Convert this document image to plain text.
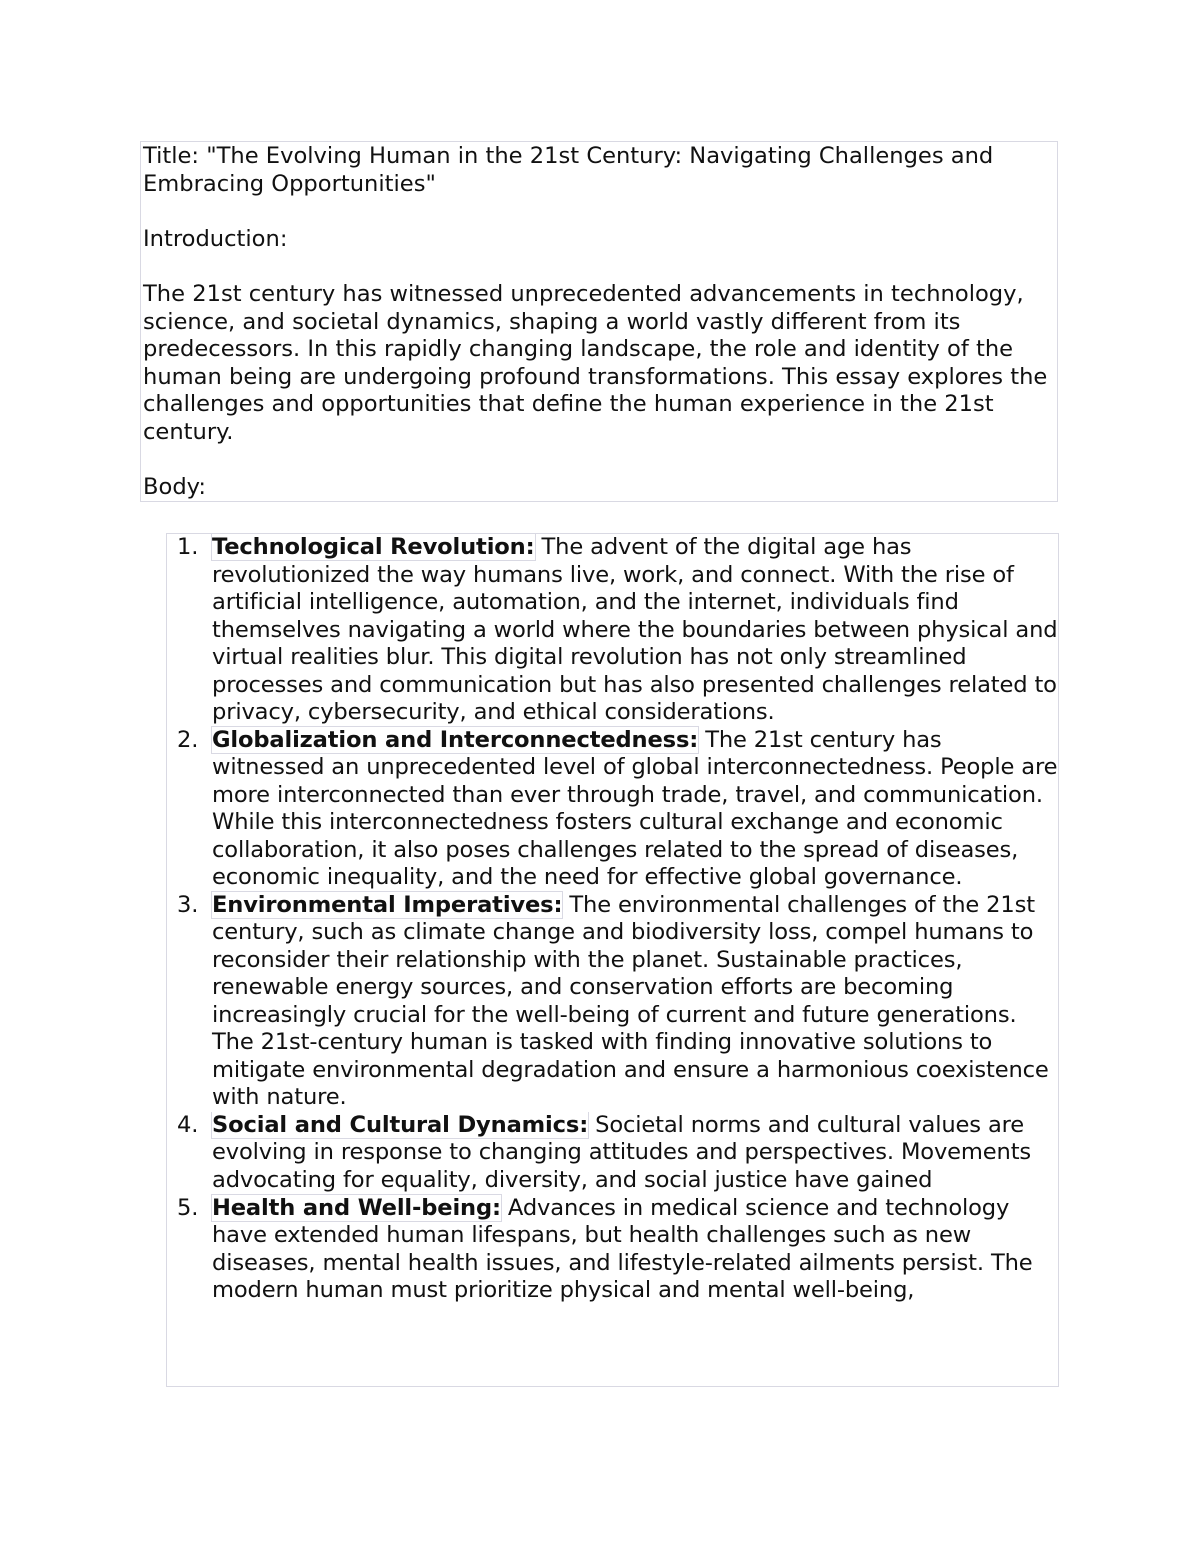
Title: "The Evolving Human in the 21st Century: Navigating Challenges and Embracing Opportunities"

Introduction:

The 21st century has witnessed unprecedented advancements in technology, science, and societal dynamics, shaping a world vastly different from its predecessors. In this rapidly changing landscape, the role and identity of the human being are undergoing profound transformations. This essay explores the challenges and opportunities that define the human experience in the 21st century.

Body:

1. Technological Revolution: The advent of the digital age has revolutionized the way humans live, work, and connect. With the rise of artificial intelligence, automation, and the internet, individuals find themselves navigating a world where the boundaries between physical and virtual realities blur. This digital revolution has not only streamlined processes and communication but has also presented challenges related to privacy, cybersecurity, and ethical considerations.
2. Globalization and Interconnectedness: The 21st century has witnessed an unprecedented level of global interconnectedness. People are more interconnected than ever through trade, travel, and communication. While this interconnectedness fosters cultural exchange and economic collaboration, it also poses challenges related to the spread of diseases, economic inequality, and the need for effective global governance.
3. Environmental Imperatives: The environmental challenges of the 21st century, such as climate change and biodiversity loss, compel humans to reconsider their relationship with the planet. Sustainable practices, renewable energy sources, and conservation efforts are becoming increasingly crucial for the well-being of current and future generations. The 21st-century human is tasked with finding innovative solutions to mitigate environmental degradation and ensure a harmonious coexistence with nature.
4. Social and Cultural Dynamics: Societal norms and cultural values are evolving in response to changing attitudes and perspectives. Movements advocating for equality, diversity, and social justice have gained
5. Health and Well-being: Advances in medical science and technology have extended human lifespans, but health challenges such as new diseases, mental health issues, and lifestyle-related ailments persist. The modern human must prioritize physical and mental well-being,
